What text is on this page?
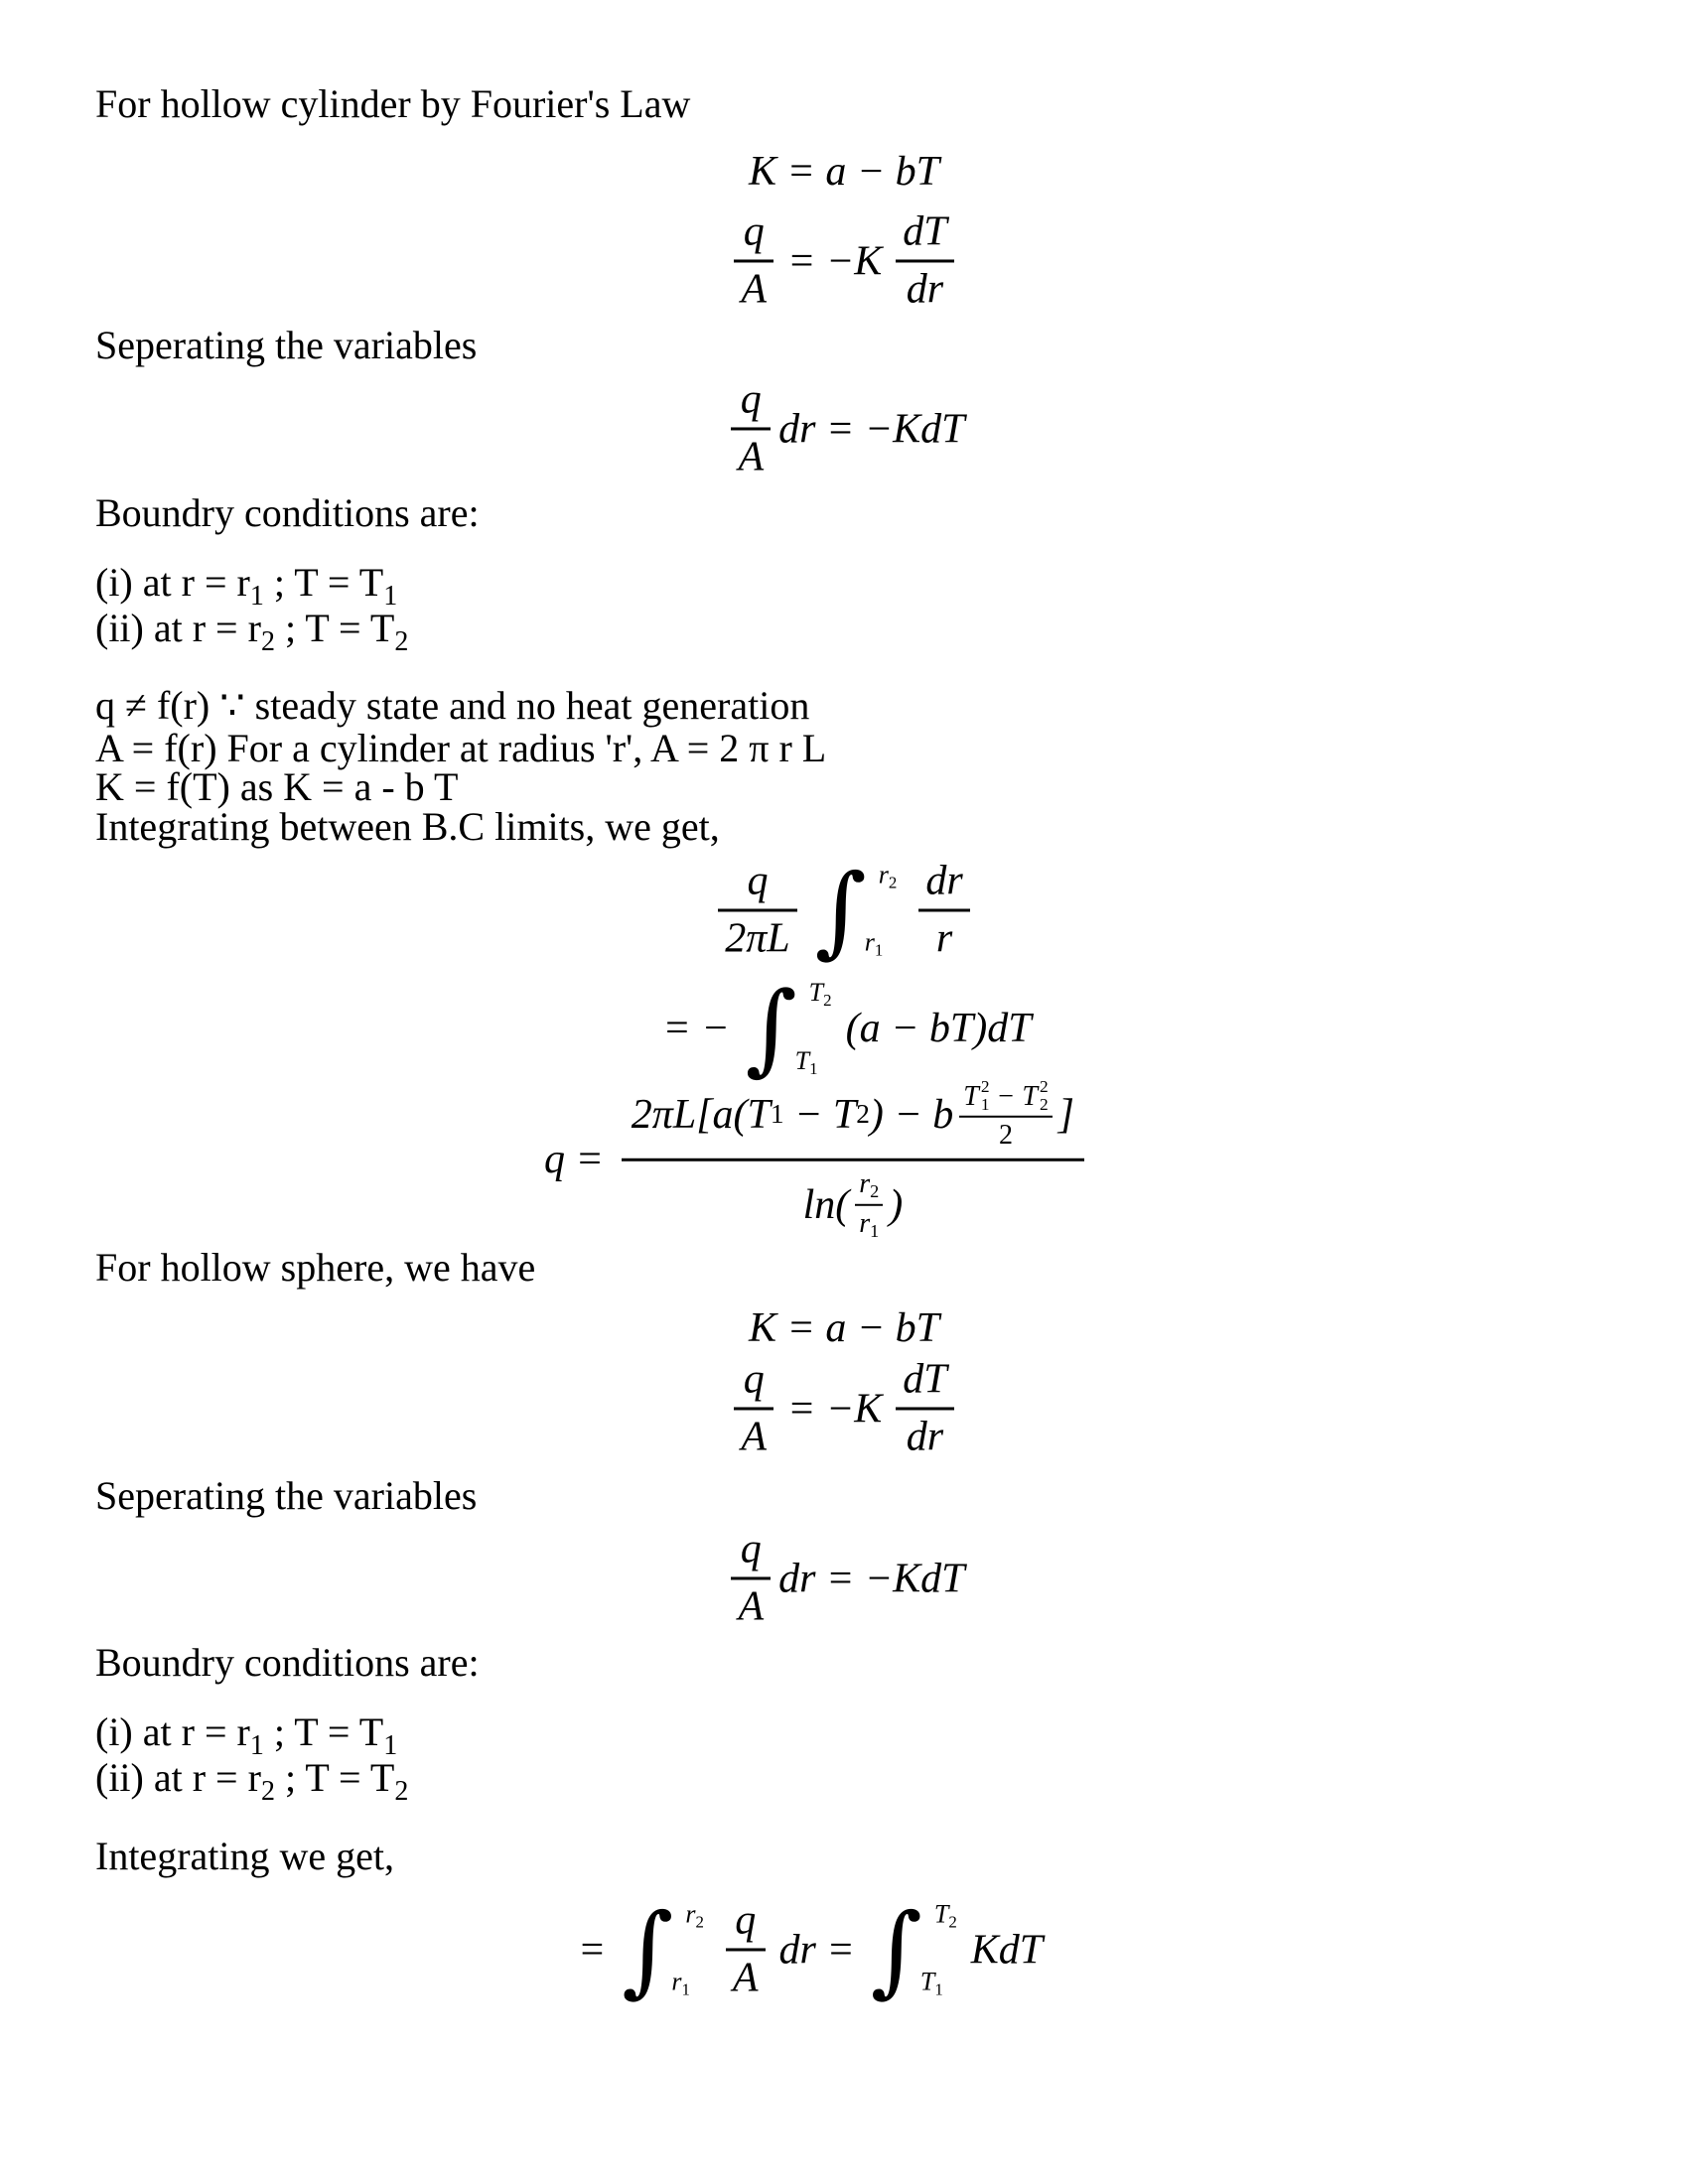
For hollow cylinder by Fourier's Law
K = a − bT
$\frac{q}{A} = -K \frac{dT}{dr}$
Seperating the variables
$\frac{q}{A}$ dr = −KdT
Boundry conditions are:
(i) at $r = r_1$ ; $T = T_1$
(ii) at $r = r_2$ ; $T = T_2$
q ≠ f(r) ∵ steady state and no heat generation
A = f(r) For a cylinder at radius 'r', A = 2 π r L
K = f(T) as K = a - b T
Integrating between B.C limits, we get,
$\frac{q}{2\pi L}$ ∫ r2
$r1 \frac{dr}{r}$
= − ∫ T2
T1
(a − bT)dT
q =
2πL[a(T 1 − T 2 ) − b T 2
1 − T 2
2
2	]
ln( r2
r1
)
For hollow sphere, we have
K = a − bT
$\frac{q}{A} = -K \frac{dT}{dr}$
Seperating the variables
$\frac{q}{A}$ dr = −KdT
Boundry conditions are:
(i) at $r = r_1$ ; $T = T_1$
(ii) at $r = r_2$ ; $T = T_2$
Integrating we get,
= ∫ r2
$r1 \frac{q}{A}$ dr = ∫ T2
T1
KdT
